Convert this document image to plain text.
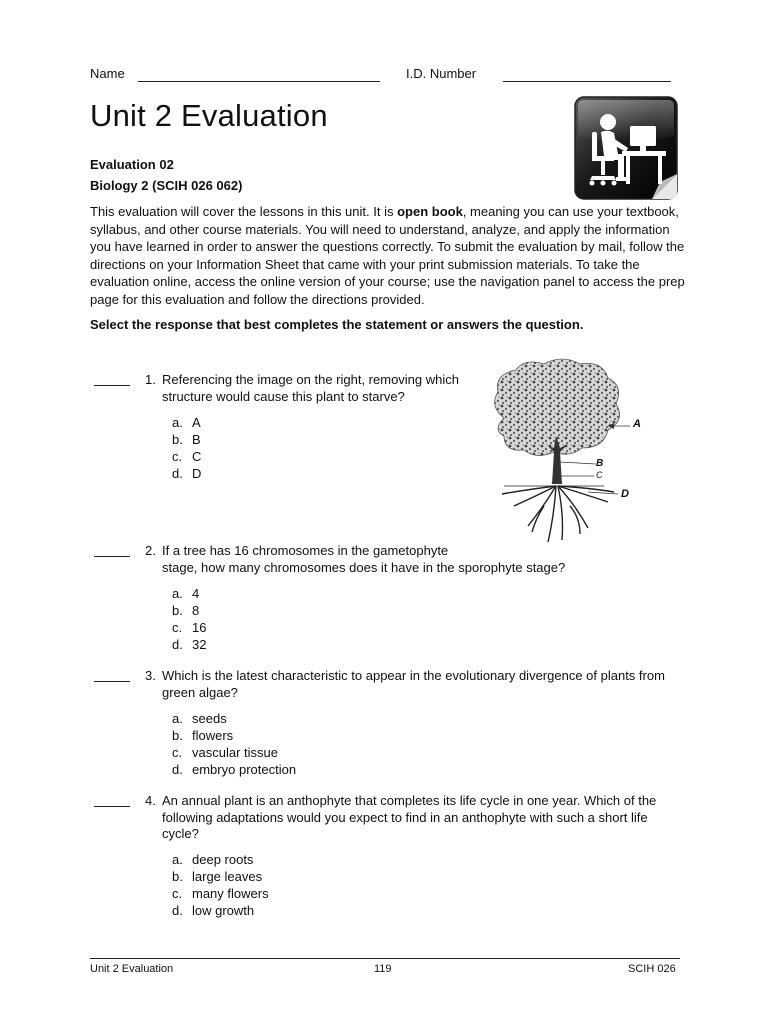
Name	I.D. Number
Unit 2 Evaluation
Evaluation 02
Biology 2 (SCIH 026 062)

This evaluation will cover the lessons in this unit. It is open book, meaning you can use your textbook, syllabus, and other course materials. You will need to understand, analyze, and apply the information you have learned in order to answer the questions correctly. To submit the evaluation by mail, follow the directions on your Information Sheet that came with your print submission materials. To take the evaluation online, access the online version of your course; use the navigation panel to access the prep page for this evaluation and follow the directions provided.

Select the response that best completes the statement or answers the question.
1. Referencing the image on the right, removing which
structure would cause this plant to starve?
a. A
b. B
c. C
d. D
A
B
C
D
2. If a tree has 16 chromosomes in the gametophyte
stage, how many chromosomes does it have in the sporophyte stage?
a. 4
b. 8
c. 16
d. 32
3. Which is the latest characteristic to appear in the evolutionary divergence of plants from
green algae?
a. seeds
b. flowers
c. vascular tissue
d. embryo protection
4. An annual plant is an anthophyte that completes its life cycle in one year. Which of the
following adaptations would you expect to find in an anthophyte with such a short life
cycle?
a. deep roots
b. large leaves
c. many flowers
d. low growth
Unit 2 Evaluation	119	SCIH 026
